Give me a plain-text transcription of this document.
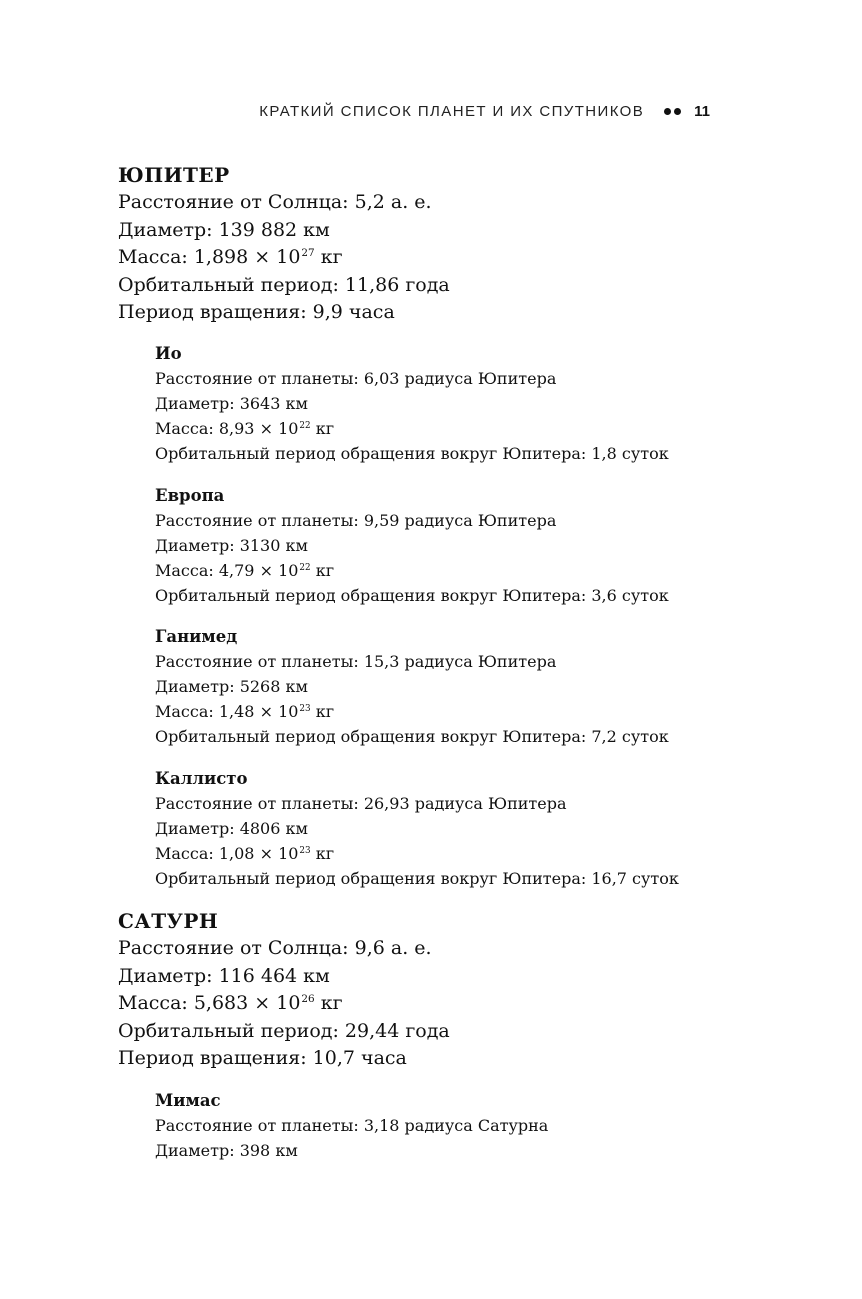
КРАТКИЙ СПИСОК ПЛАНЕТ И ИХ СПУТНИКОВ	11
ЮПИТЕР
Расстояние от Солнца: 5,2 а. е.
Диаметр: 139 882 км
Масса: $1,898 \times 10^{27}$ кг
Орбитальный период: 11,86 года
Период вращения: 9,9 часа
Ио
Расстояние от планеты: 6,03 радиуса Юпитера
Диаметр: 3643 км
Масса: $8,93 \times 10^{22}$ кг
Орбитальный период обращения вокруг Юпитера: 1,8 суток
Европа
Расстояние от планеты: 9,59 радиуса Юпитера
Диаметр: 3130 км
Масса: $4,79 \times 10^{22}$ кг
Орбитальный период обращения вокруг Юпитера: 3,6 суток
Ганимед
Расстояние от планеты: 15,3 радиуса Юпитера
Диаметр: 5268 км
Масса: $1,48 \times 10^{23}$ кг
Орбитальный период обращения вокруг Юпитера: 7,2 суток
Каллисто
Расстояние от планеты: 26,93 радиуса Юпитера
Диаметр: 4806 км
Масса: $1,08 \times 10^{23}$ кг
Орбитальный период обращения вокруг Юпитера: 16,7 суток
САТУРН
Расстояние от Солнца: 9,6 а. е.
Диаметр: 116 464 км
Масса: $5,683 \times 10^{26}$ кг
Орбитальный период: 29,44 года
Период вращения: 10,7 часа
Мимас
Расстояние от планеты: 3,18 радиуса Сатурна
Диаметр: 398 км
